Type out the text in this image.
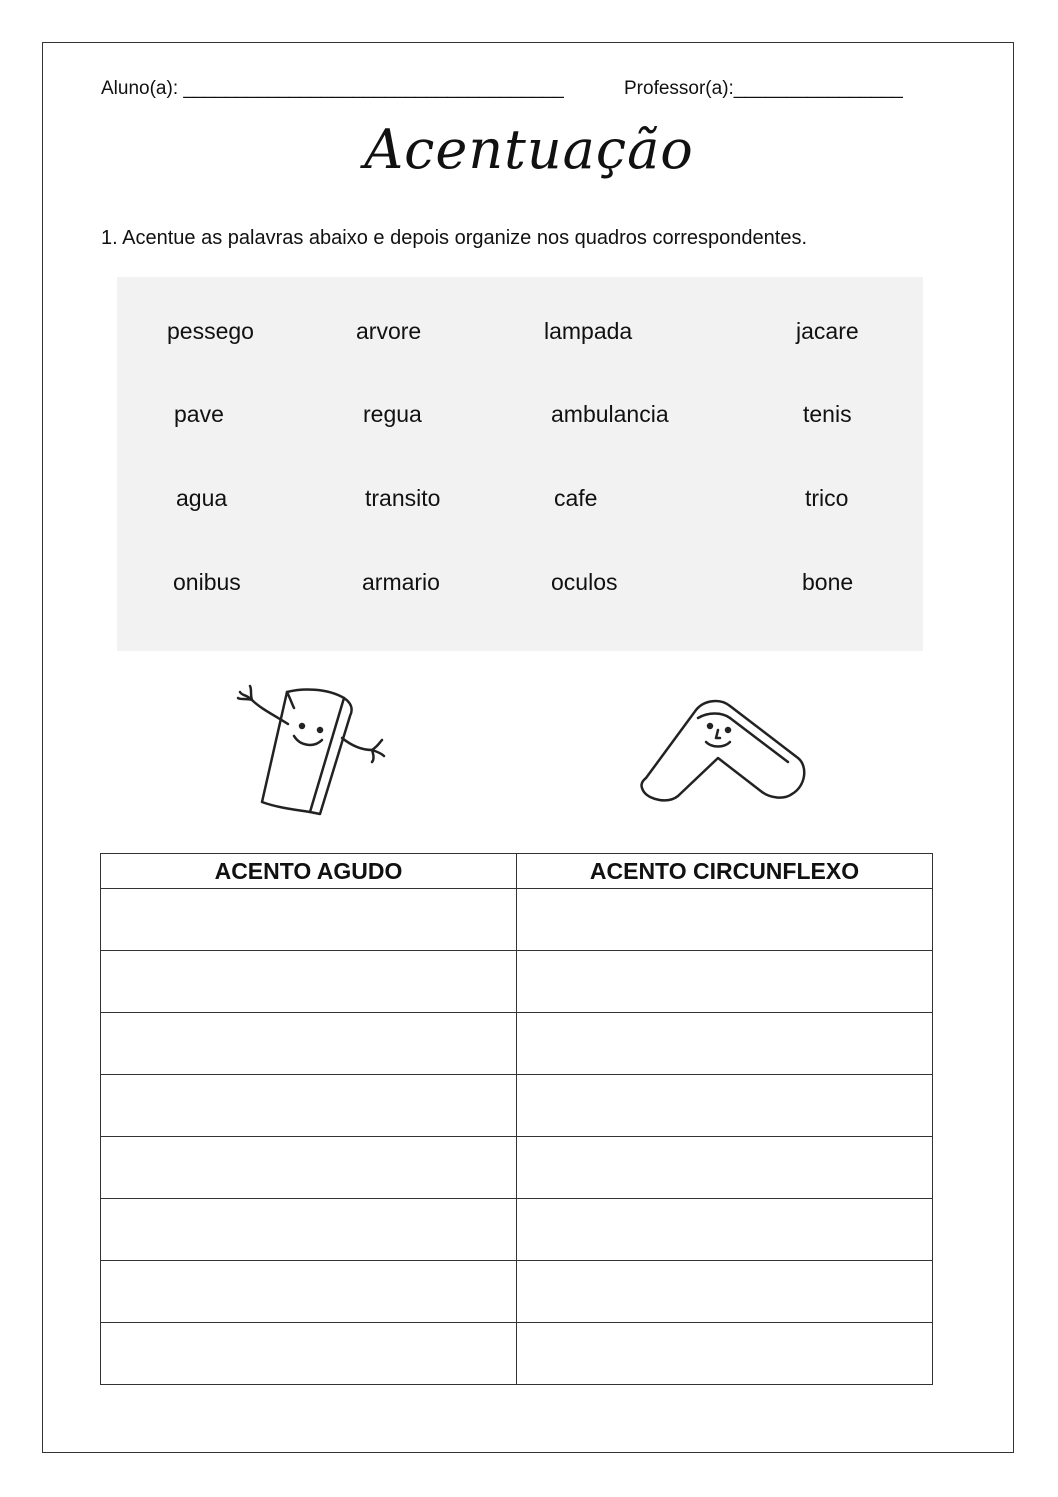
Aluno(a): ____________________________________	Professor(a):________________
Acentuação
1. Acentue as palavras abaixo e depois organize nos quadros correspondentes.
pessego	arvore	lampada	jacare
pave	regua	ambulancia	tenis
agua	transito	cafe	trico
onibus	armario	oculos	bone
ACENTO AGUDO	ACENTO CIRCUNFLEXO
